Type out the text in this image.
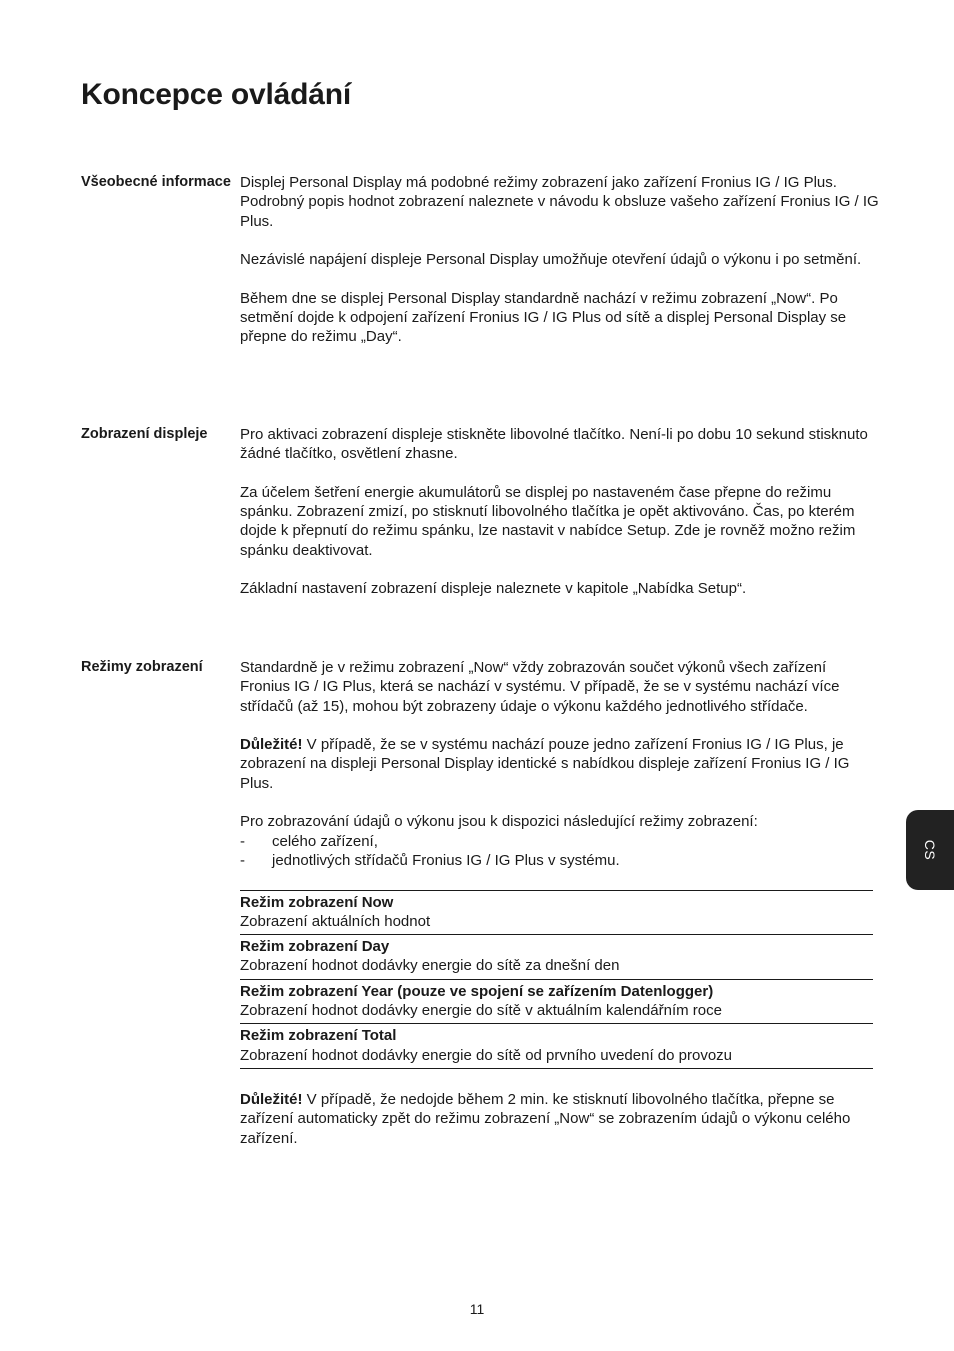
Koncepce ovládání
Všeobecné informace Displej Personal Display má podobné režimy zobrazení jako zařízení Fronius IG / IG Plus. Podrobný popis hodnot zobrazení naleznete v návodu k obsluze vašeho zařízení Fronius IG / IG Plus.

Nezávislé napájení displeje Personal Display umožňuje otevření údajů o výkonu i po setmění.

Během dne se displej Personal Display standardně nachází v režimu zobrazení „Now“. Po setmění dojde k odpojení zařízení Fronius IG / IG Plus od sítě a displej Personal Display se přepne do režimu „Day“.

Zobrazení displeje	Pro aktivaci zobrazení displeje stiskněte libovolné tlačítko. Není-li po dobu 10 sekund stisknuto žádné tlačítko, osvětlení zhasne.

Za účelem šetření energie akumulátorů se displej po nastaveném čase přepne do režimu spánku. Zobrazení zmizí, po stisknutí libovolného tlačítka je opět aktivováno. Čas, po kterém dojde k přepnutí do režimu spánku, lze nastavit v nabídce Setup. Zde je rovněž možno režim spánku deaktivovat.

Základní nastavení zobrazení displeje naleznete v kapitole „Nabídka Setup“.

Režimy zobrazení	Standardně je v režimu zobrazení „Now“ vždy zobrazován součet výkonů všech zařízení Fronius IG / IG Plus, která se nachází v systému. V případě, že se v systému nachází více střídačů (až 15), mohou být zobrazeny údaje o výkonu každého jednotlivého střídače.

Důležité! V případě, že se v systému nachází pouze jedno zařízení Fronius IG / IG Plus, je zobrazení na displeji Personal Display identické s nabídkou displeje zařízení Fronius IG / IG Plus.

Pro zobrazování údajů o výkonu jsou k dispozici následující režimy zobrazení:
- celého zařízení,
- jednotlivých střídačů Fronius IG / IG Plus v systému.
Režim zobrazení Now
Zobrazení aktuálních hodnot
Režim zobrazení Day
Zobrazení hodnot dodávky energie do sítě za dnešní den
Režim zobrazení Year (pouze ve spojení se zařízením Datenlogger)
Zobrazení hodnot dodávky energie do sítě v aktuálním kalendářním roce
Režim zobrazení Total
Zobrazení hodnot dodávky energie do sítě od prvního uvedení do provozu

Důležité! V případě, že nedojde během 2 min. ke stisknutí libovolného tlačítka, přepne se zařízení automaticky zpět do režimu zobrazení „Now“ se zobrazením údajů o výkonu celého zařízení.

CS
11
